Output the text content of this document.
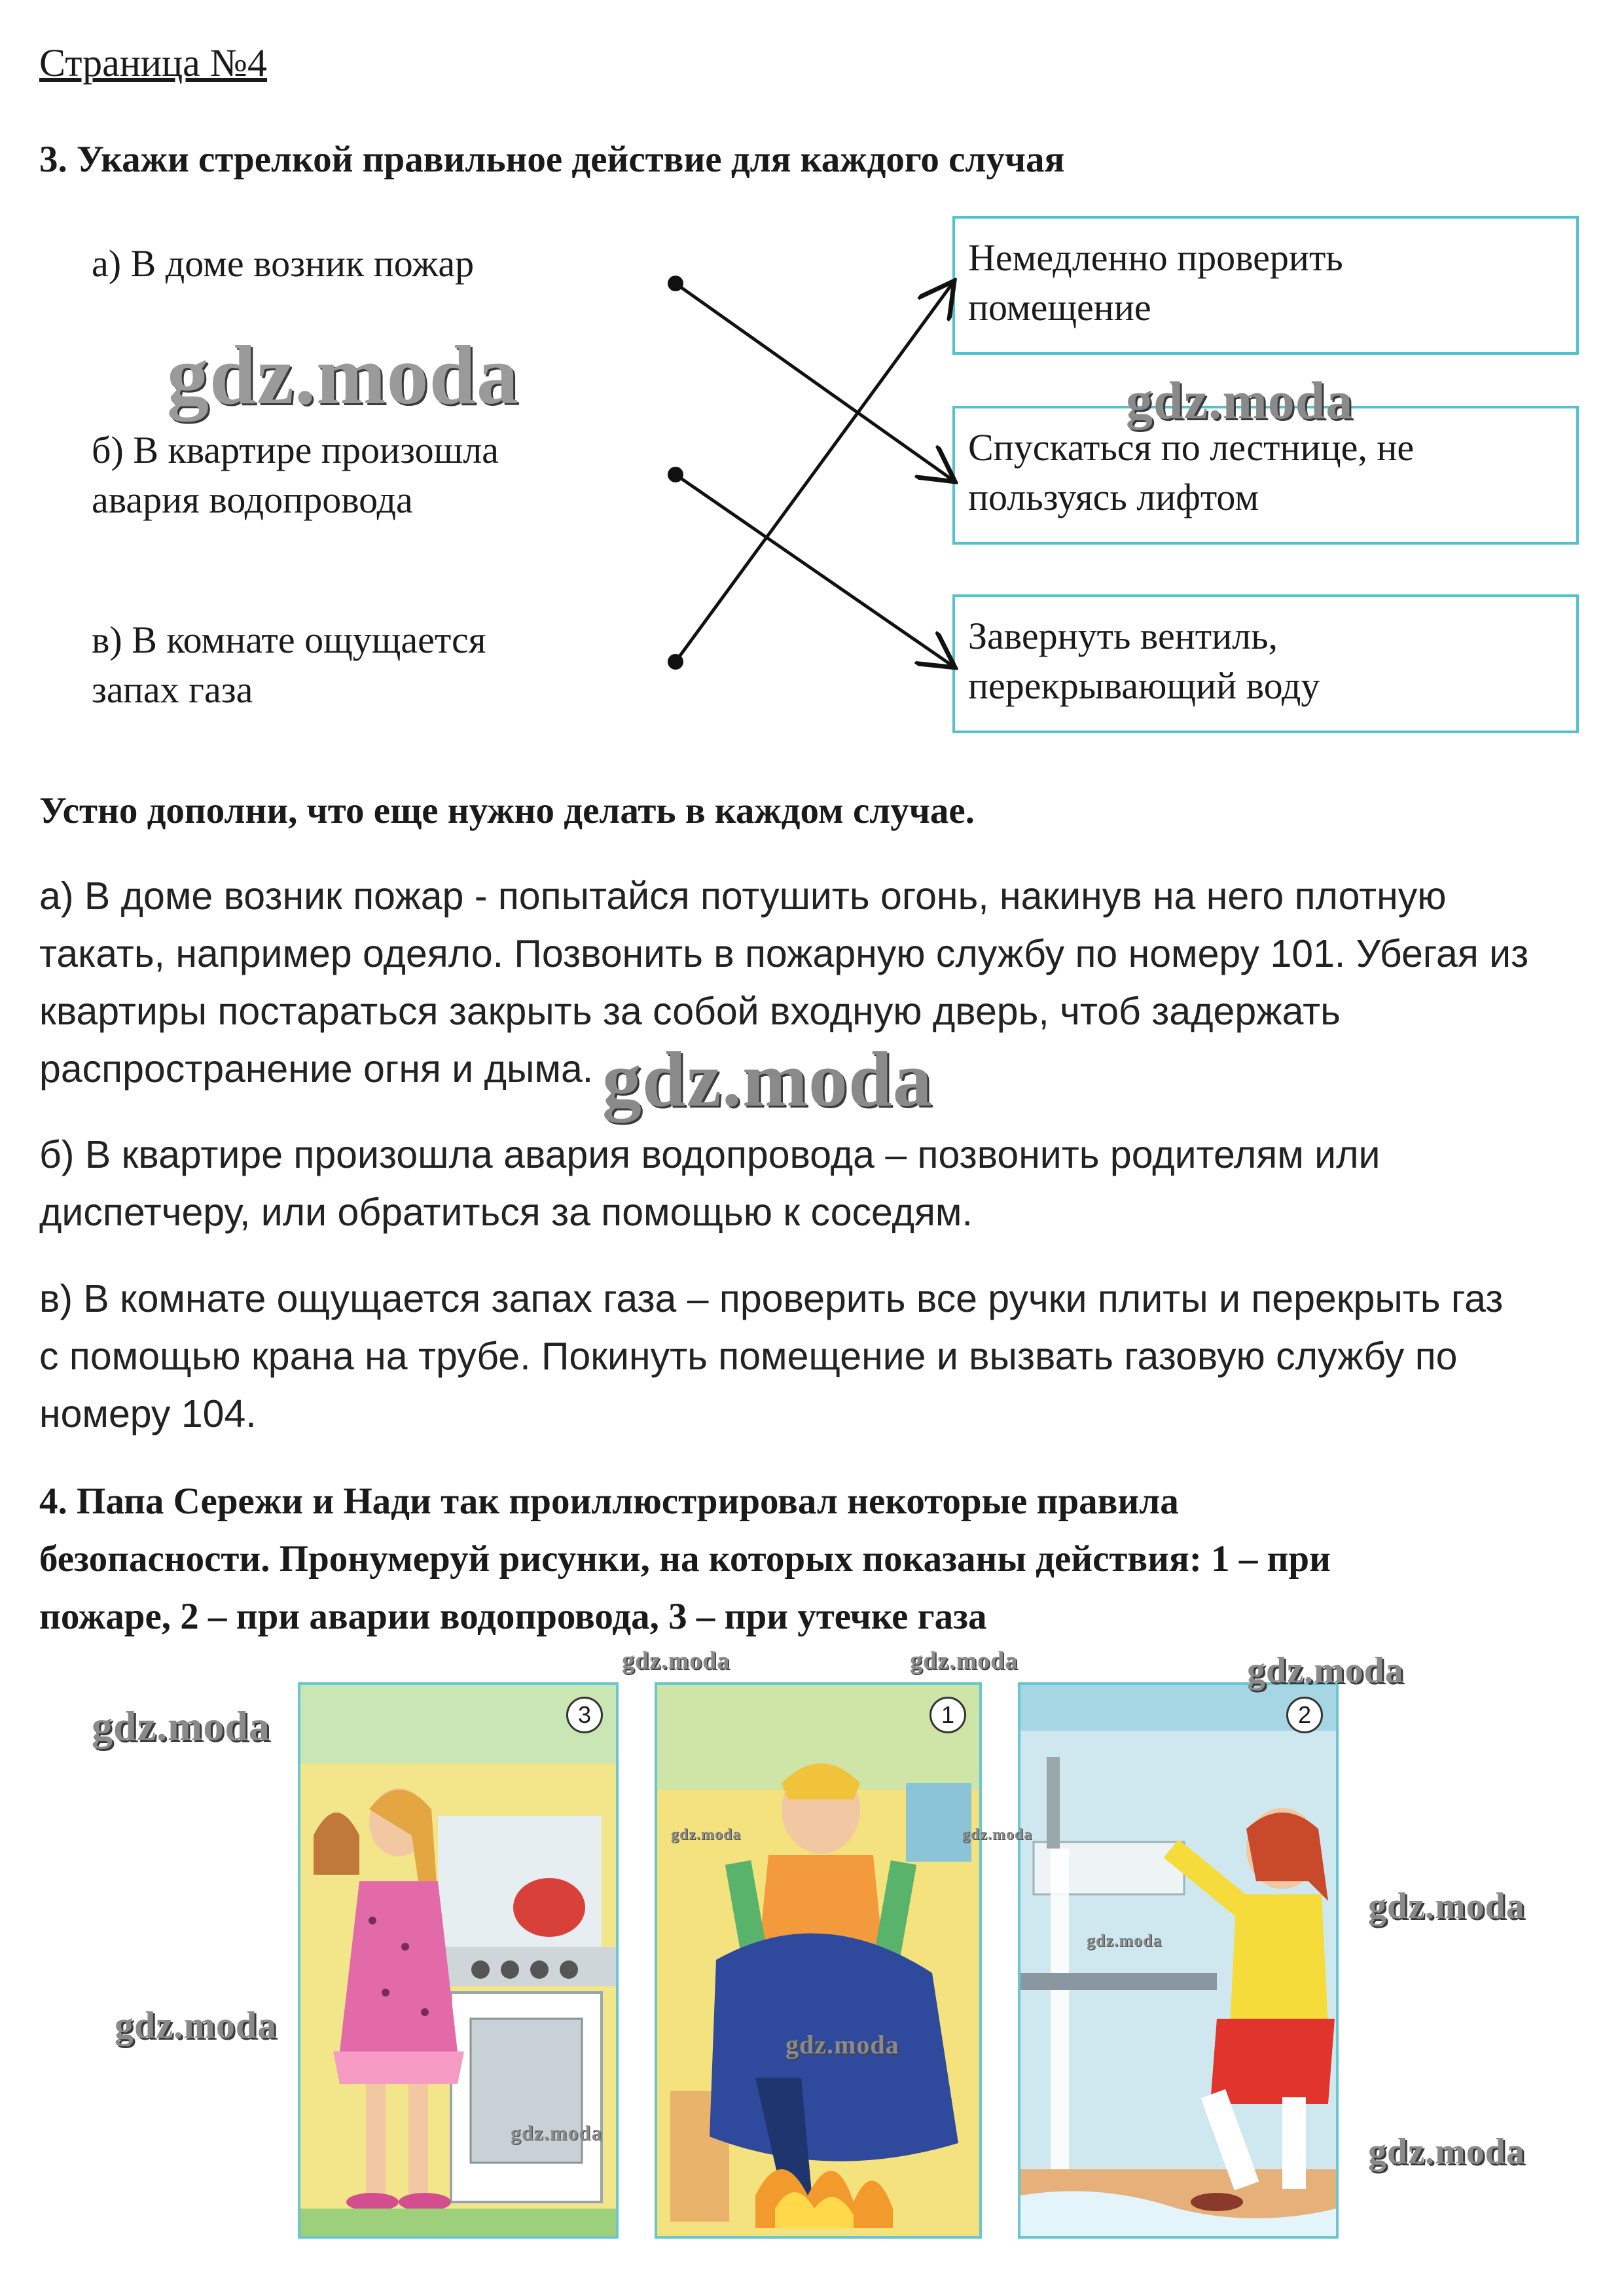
Страница №4
3. Укажи стрелкой правильное действие для каждого случая
а) В доме возник пожар
б) В квартире произошла
авария водопровода
в) В комнате ощущается
запах газа
Немедленно проверить
помещение
Спускаться по лестнице, не
пользуясь лифтом
Завернуть вентиль,
перекрывающий воду
Устно дополни, что еще нужно делать в каждом случае.
а) В доме возник пожар - попытайся потушить огонь, накинув на него плотную
такать, например одеяло. Позвонить в пожарную службу по номеру 101. Убегая из
квартиры постараться закрыть за собой входную дверь, чтоб задержать
распространение огня и дыма.
б) В квартире произошла авария водопровода – позвонить родителям или
диспетчеру, или обратиться за помощью к соседям.
в) В комнате ощущается запах газа – проверить все ручки плиты и перекрыть газ
с помощью крана на трубе. Покинуть помещение и вызвать газовую службу по
номеру 104.
4. Папа Сережи и Нади так проиллюстрировал некоторые правила
безопасности. Пронумеруй рисунки, на которых показаны действия: 1 – при
пожаре, 2 – при аварии водопровода, 3 – при утечке газа
3	1	2
gdz.moda	gdz.moda
gdz.moda
gdz.moda	gdz.moda	gdz.moda
gdz.moda
gdz.moda	gdz.moda
gdz.moda
gdz.moda
gdz.moda	gdz.moda
gdz.moda	gdz.moda
